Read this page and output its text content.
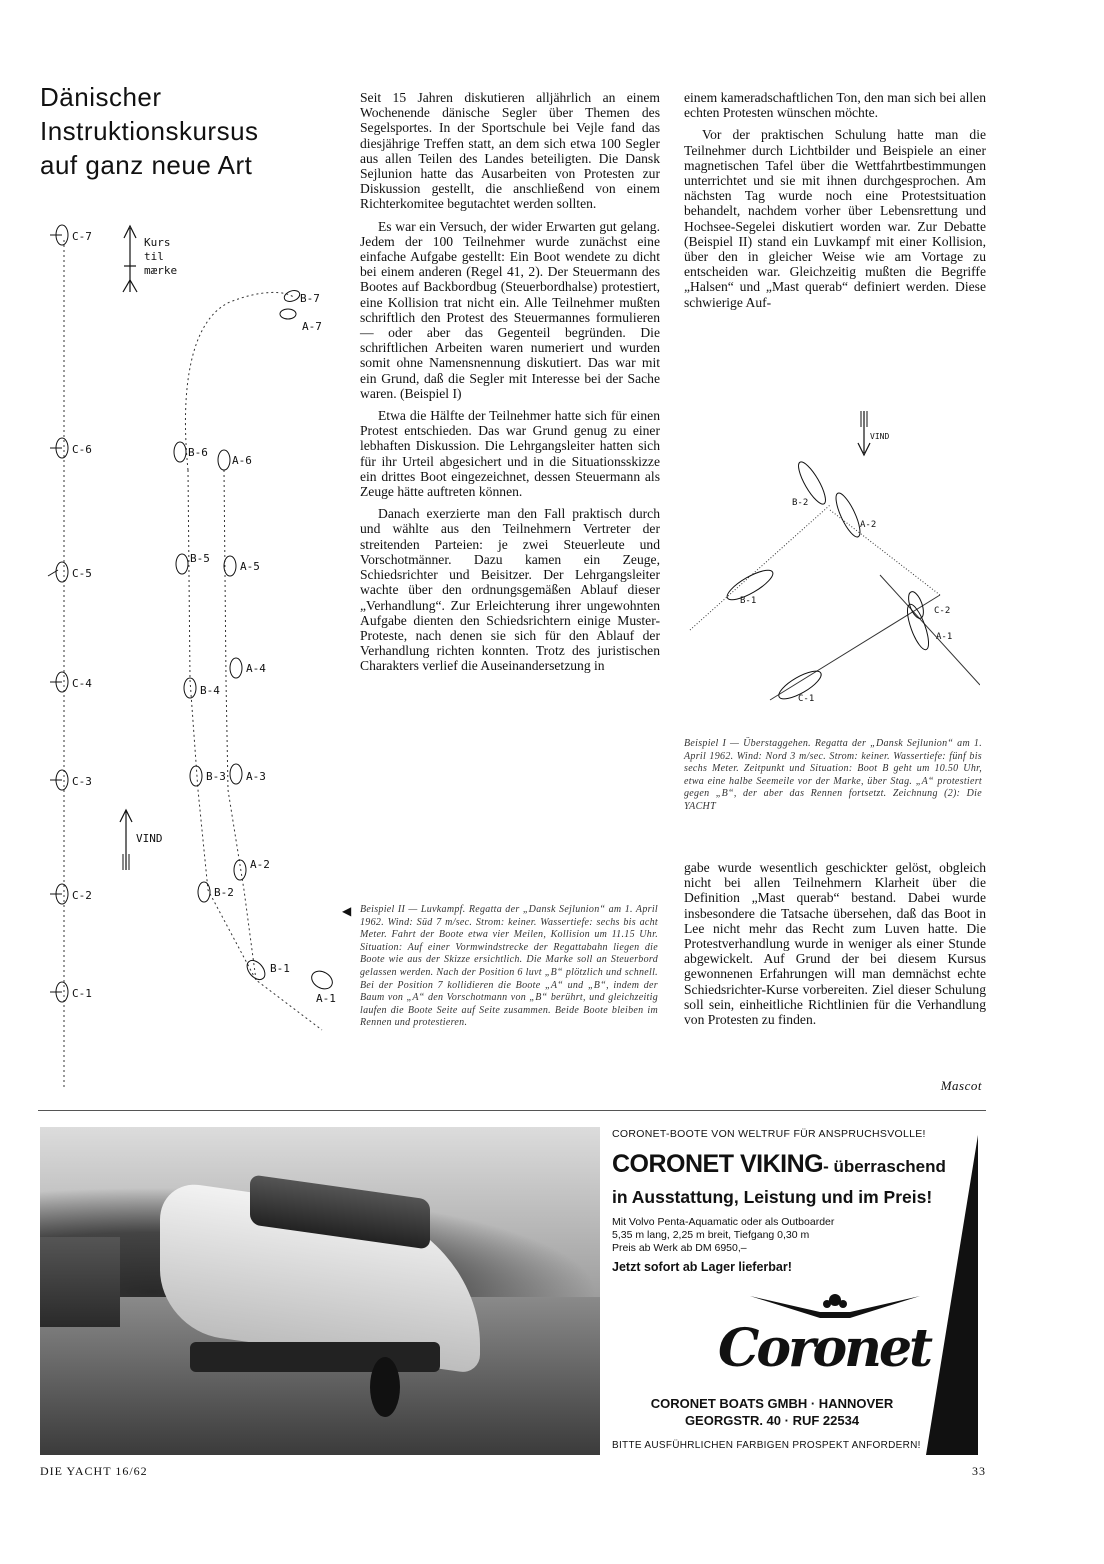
Dänischer
Instruktionskursus
auf ganz neue Art
Kurs
til
mærke
C-7
C-6
C-5
C-4
C-3
C-2
C-1
VIND
B-7
A-7
B-6
A-6
B-5
A-5
A-4
B-4
B-3 A-3
A-2
B-2
B-1
A-1

Seit 15 Jahren diskutieren alljährlich an einem Wochenende dänische Segler über Themen des Segelsportes. In der Sportschule bei Vejle fand das diesjährige Treffen statt, an dem sich etwa 100 Segler aus allen Teilen des Landes beteiligten. Die Dansk Sejlunion hatte das Ausarbeiten von Protesten zur Diskussion gestellt, die anschließend von einem Richterkomitee begutachtet werden sollten.

Es war ein Versuch, der wider Erwarten gut gelang. Jedem der 100 Teilnehmer wurde zunächst eine einfache Aufgabe gestellt: Ein Boot wendete zu dicht bei einem anderen (Regel 41, 2). Der Steuermann des Bootes auf Backbordbug (Steuerbordhalse) protestiert, eine Kollision trat nicht ein. Alle Teilnehmer mußten schriftlich den Protest des Steuermannes formulieren — oder aber das Gegenteil begründen. Die schriftlichen Arbeiten waren numeriert und wurden somit ohne Namensnennung diskutiert. Das war mit ein Grund, daß die Segler mit Interesse bei der Sache waren. (Beispiel I)

Etwa die Hälfte der Teilnehmer hatte sich für einen Protest entschieden. Das war Grund genug zu einer lebhaften Diskussion. Die Lehrgangsleiter hatten sich für ihr Urteil abgesichert und in die Situationsskizze ein drittes Boot eingezeichnet, dessen Steuermann als Zeuge hätte auftreten können.

Danach exerzierte man den Fall praktisch durch und wählte aus den Teilnehmern Vertreter der streitenden Parteien: je zwei Steuerleute und Vorschotmänner. Dazu kamen ein Zeuge, Schiedsrichter und Beisitzer. Der Lehrgangsleiter wachte über den ordnungsgemäßen Ablauf dieser „Verhandlung“. Zur Erleichterung ihrer ungewohnten Aufgabe dienten den Schiedsrichtern einige Muster-Proteste, nach denen sie sich für den Ablauf der Verhandlung richten konnten. Trotz des juristischen Charakters verlief die Auseinandersetzung in

◀ Beispiel II — Luvkampf. Regatta der „Dansk Sejlunion“ am 1. April 1962. Wind: Süd 7 m/sec. Strom: keiner. Wassertiefe: sechs bis acht Meter. Fahrt der Boote etwa vier Meilen, Kollision um 11.15 Uhr. Situation: Auf einer Vormwindstrecke der Regattabahn liegen die Boote wie aus der Skizze ersichtlich. Die Marke soll an Steuerbord gelassen werden. Nach der Position 6 luvt „B“ plötzlich und schnell. Bei der Position 7 kollidieren die Boote „A“ und „B“, indem der Baum von „A“ den Vorschotmann von „B“ berührt, und gleichzeitig laufen die Boote Seite auf Seite zusammen. Beide Boote bleiben im Rennen und protestieren.

einem kameradschaftlichen Ton, den man sich bei allen echten Protesten wünschen möchte.

Vor der praktischen Schulung hatte man die Teilnehmer durch Lichtbilder und Beispiele an einer magnetischen Tafel über die Wettfahrtbestimmungen unterrichtet und sie mit ihnen durchgesprochen. Am nächsten Tag wurde noch eine Protestsituation behandelt, nachdem vorher über Lebensrettung und Hochsee-Segelei diskutiert worden war. Zur Debatte (Beispiel II) stand ein Luvkampf mit einer Kollision, über den in gleicher Weise wie am Vortage zu entscheiden war. Gleichzeitig mußten die Begriffe „Halsen“ und „Mast querab“ definiert werden. Diese schwierige Auf-

VIND
B-2
A-2
B-1
C-2
A-1
C-1
Beispiel I — Überstaggehen. Regatta der „Dansk Sejlunion“ am 1. April 1962. Wind: Nord 3 m/sec. Strom: keiner. Wassertiefe: fünf bis sechs Meter. Zeitpunkt und Situation: Boot B geht um 10.50 Uhr, etwa eine halbe Seemeile vor der Marke, über Stag. „A“ protestiert gegen „B“, der aber das Rennen fortsetzt. Zeichnung (2): Die YACHT

gabe wurde wesentlich geschickter gelöst, obgleich nicht bei allen Teilnehmern Klarheit über die Definition „Mast querab“ bestand. Dabei wurde insbesondere die Tatsache übersehen, daß das Boot in Lee nicht mehr das Recht zum Luven hatte. Die Protestverhandlung wurde in weniger als einer Stunde abgewickelt. Auf Grund der bei diesem Kursus gewonnenen Erfahrungen will man demnächst echte Schiedsrichter-Kurse vorbereiten. Ziel dieser Schulung soll sein, einheitliche Richtlinien für die Verhandlung von Protesten zu finden.

Mascot
CORONET-BOOTE VON WELTRUF FÜR ANSPRUCHSVOLLE!
CORONET VIKING- überraschend
in Ausstattung, Leistung und im Preis!
Mit Volvo Penta-Aquamatic oder als Outboarder
5,35 m lang, 2,25 m breit, Tiefgang 0,30 m
Preis ab Werk ab DM 6950,–
Jetzt sofort ab Lager lieferbar!
Coronet
CORONET BOATS GMBH · HANNOVER
GEORGSTR. 40 · RUF 22534
BITTE AUSFÜHRLICHEN FARBIGEN PROSPEKT ANFORDERN!
DIE YACHT 16/62	33
